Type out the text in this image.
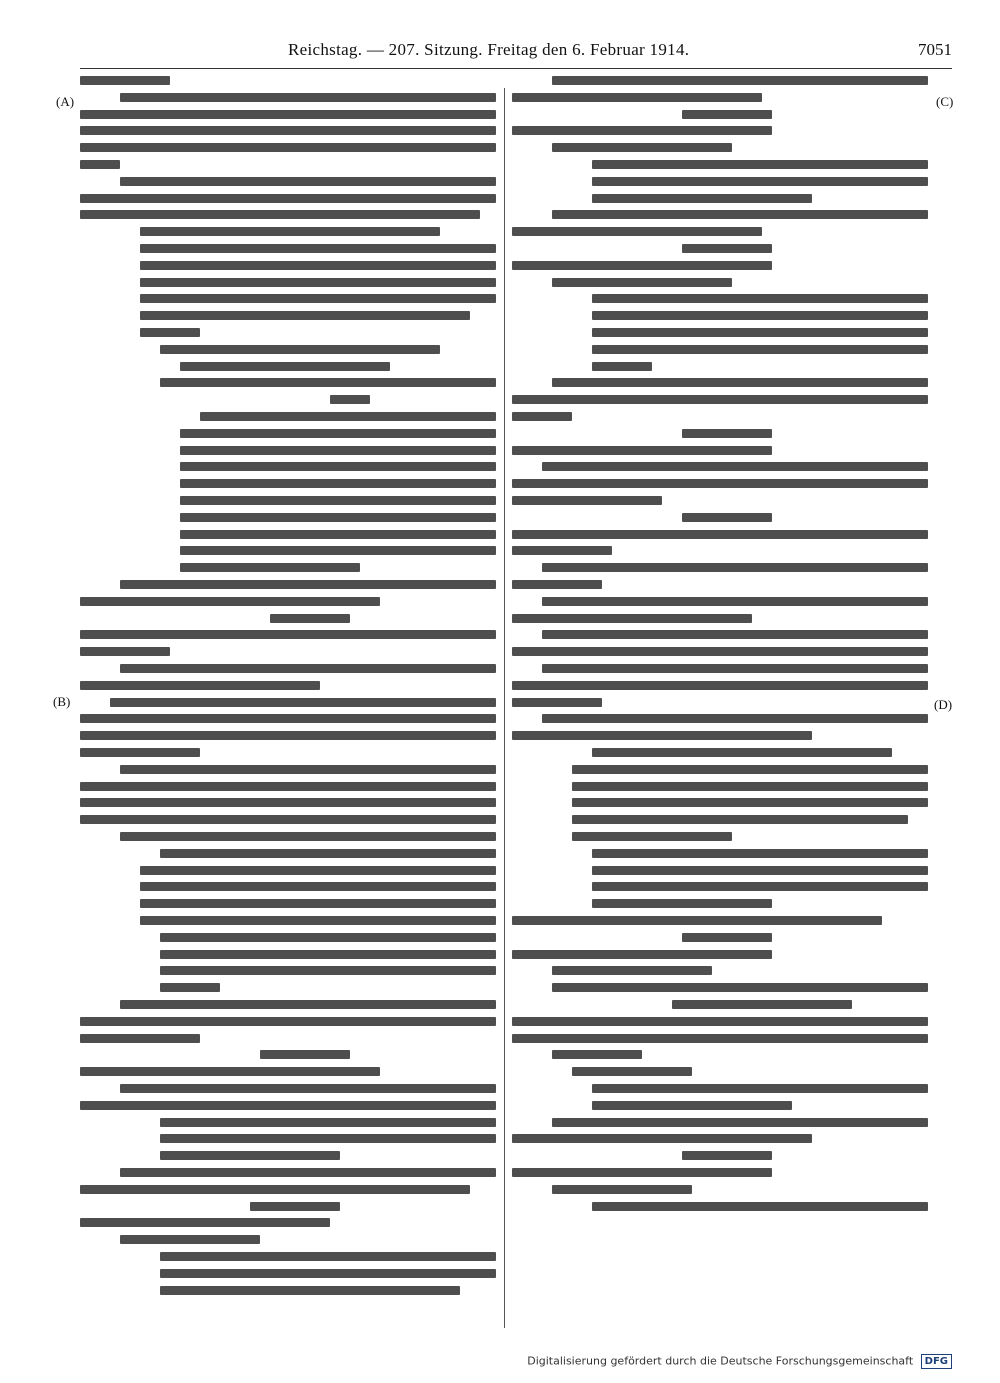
Reichstag. — 207. Sitzung. Freitag den 6. Februar 1914.	7051
(A)
(B)
(C)
(D)
Digitalisierung gefördert durch die Deutsche Forschungsgemeinschaft DFG
